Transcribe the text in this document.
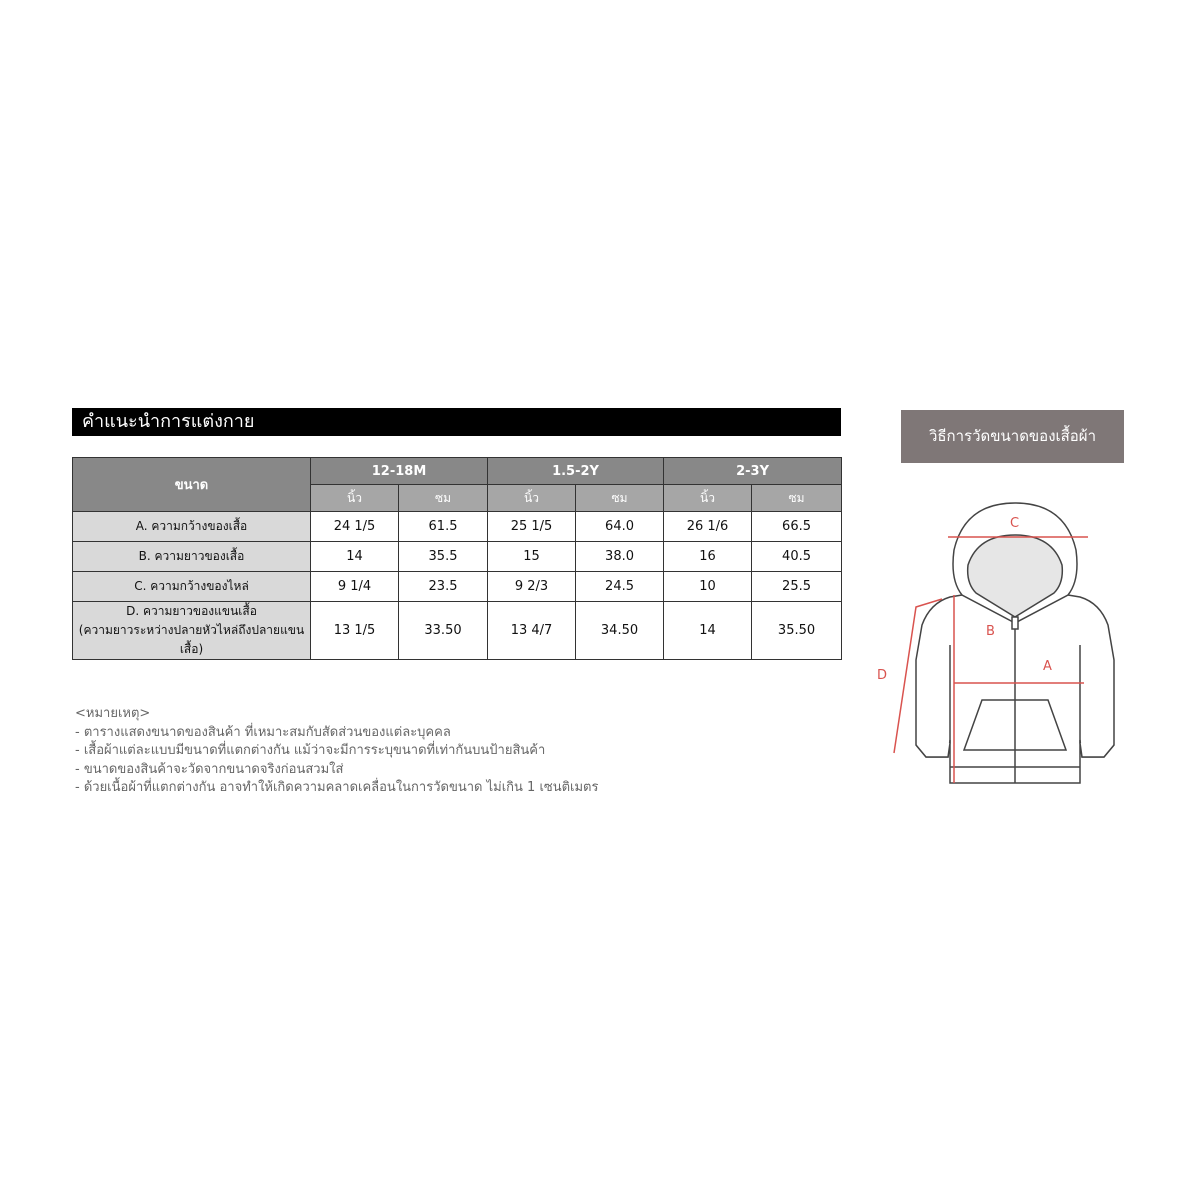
คำแนะนำการแต่งกาย
ขนาด	12-18M		1.5-2Y		2-3Y	
	นิ้ว	ซม	นิ้ว	ซม	นิ้ว	ซม
A. ความกว้างของเสื้อ	24 1/5	61.5	25 1/5	64.0	26 1/6	66.5
B. ความยาวของเสื้อ	14	35.5	15	38.0	16	40.5
C. ความกว้างของไหล่	9 1/4	23.5	9 2/3	24.5	10	25.5

D. ความยาวของแขนเสื้อ
(ความยาวระหว่างปลายหัวไหล่ถึงปลายแขน
เสื้อ)	13 1/5	33.50	13 4/7	34.50	14	35.50
<หมายเหตุ>
- ตารางแสดงขนาดของสินค้า ที่เหมาะสมกับสัดส่วนของแต่ละบุคคล
- เสื้อผ้าแต่ละแบบมีขนาดที่แตกต่างกัน แม้ว่าจะมีการระบุขนาดที่เท่ากันบนป้ายสินค้า
- ขนาดของสินค้าจะวัดจากขนาดจริงก่อนสวมใส่
- ด้วยเนื้อผ้าที่แตกต่างกัน อาจทำให้เกิดความคลาดเคลื่อนในการวัดขนาด ไม่เกิน 1 เซนติเมตร
วิธีการวัดขนาดของเสื้อผ้า
C
B
A
D
